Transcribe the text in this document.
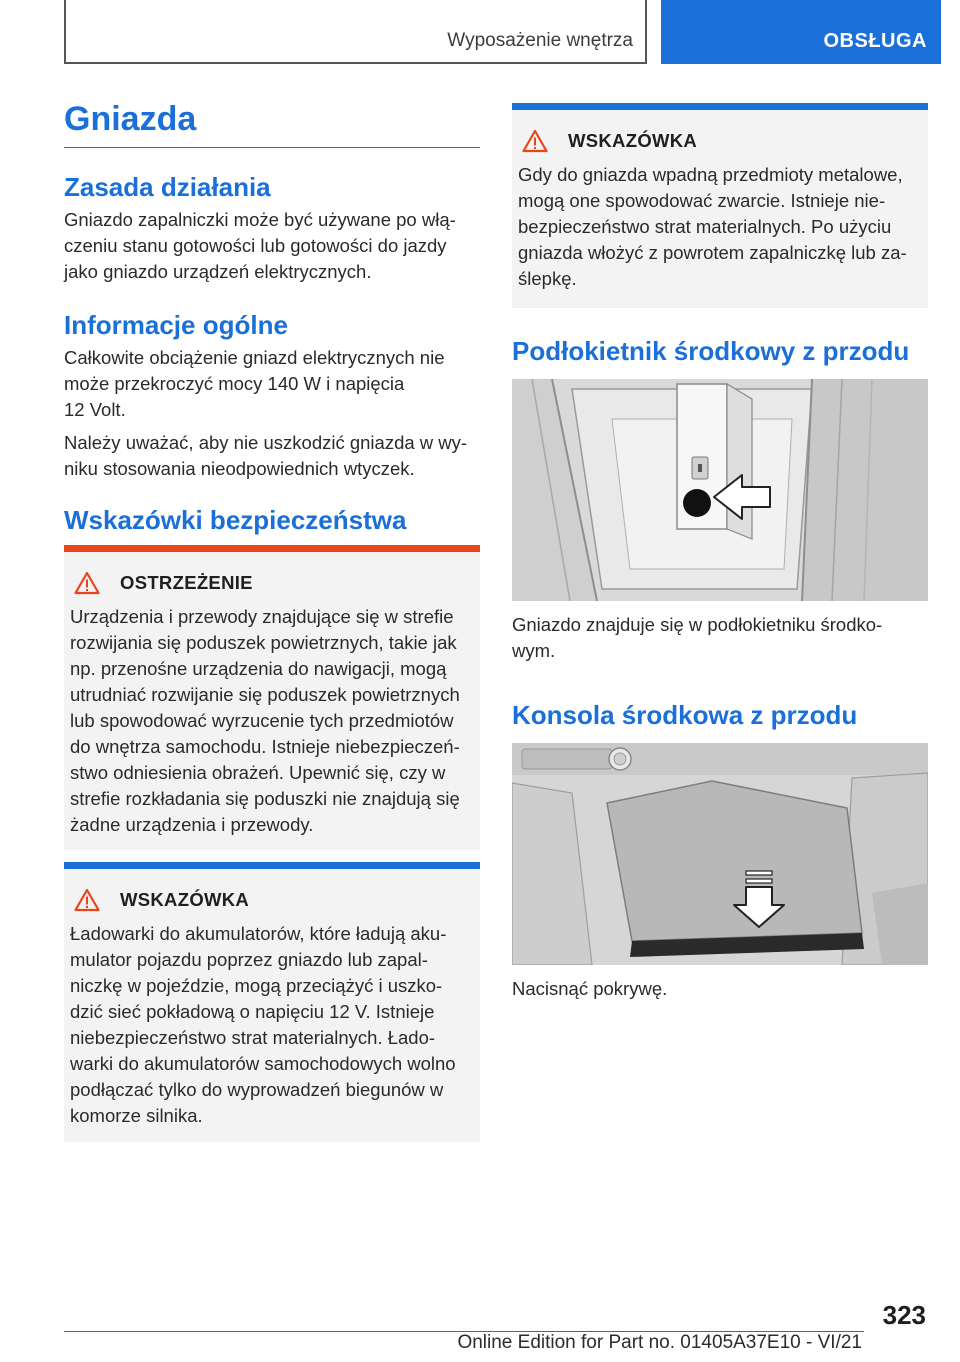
Wyposażenie wnętrza	OBSŁUGA
Gniazda
Zasada działania

Gniazdo zapalniczki może być używane po włą-
czeniu stanu gotowości lub gotowości do jazdy
jako gniazdo urządzeń elektrycznych.

Informacje ogólne

Całkowite obciążenie gniazd elektrycznych nie
może przekroczyć mocy 140 W i napięcia
12 Volt.

Należy uważać, aby nie uszkodzić gniazda w wy-
niku stosowania nieodpowiednich wtyczek.

Wskazówki bezpieczeństwa
OSTRZEŻENIE

Urządzenia i przewody znajdujące się w strefie
rozwijania się poduszek powietrznych, takie jak
np. przenośne urządzenia do nawigacji, mogą
utrudniać rozwijanie się poduszek powietrznych
lub spowodować wyrzucenie tych przedmiotów
do wnętrza samochodu. Istnieje niebezpieczeń-
stwo odniesienia obrażeń. Upewnić się, czy w
strefie rozkładania się poduszki nie znajdują się
żadne urządzenia i przewody.

WSKAZÓWKA

Ładowarki do akumulatorów, które ładują aku-
mulator pojazdu poprzez gniazdo lub zapal-
niczkę w pojeździe, mogą przeciążyć i uszko-
dzić sieć pokładową o napięciu 12 V. Istnieje
niebezpieczeństwo strat materialnych. Łado-
warki do akumulatorów samochodowych wolno
podłączać tylko do wyprowadzeń biegunów w
komorze silnika.

WSKAZÓWKA

Gdy do gniazda wpadną przedmioty metalowe,
mogą one spowodować zwarcie. Istnieje nie-
bezpieczeństwo strat materialnych. Po użyciu
gniazda włożyć z powrotem zapalniczkę lub za-
ślepkę.

Podłokietnik środkowy z przodu

Gniazdo znajduje się w podłokietniku środko-
wym.

Konsola środkowa z przodu

Nacisnąć pokrywę.

323
Online Edition for Part no. 01405A37E10 - VI/21
